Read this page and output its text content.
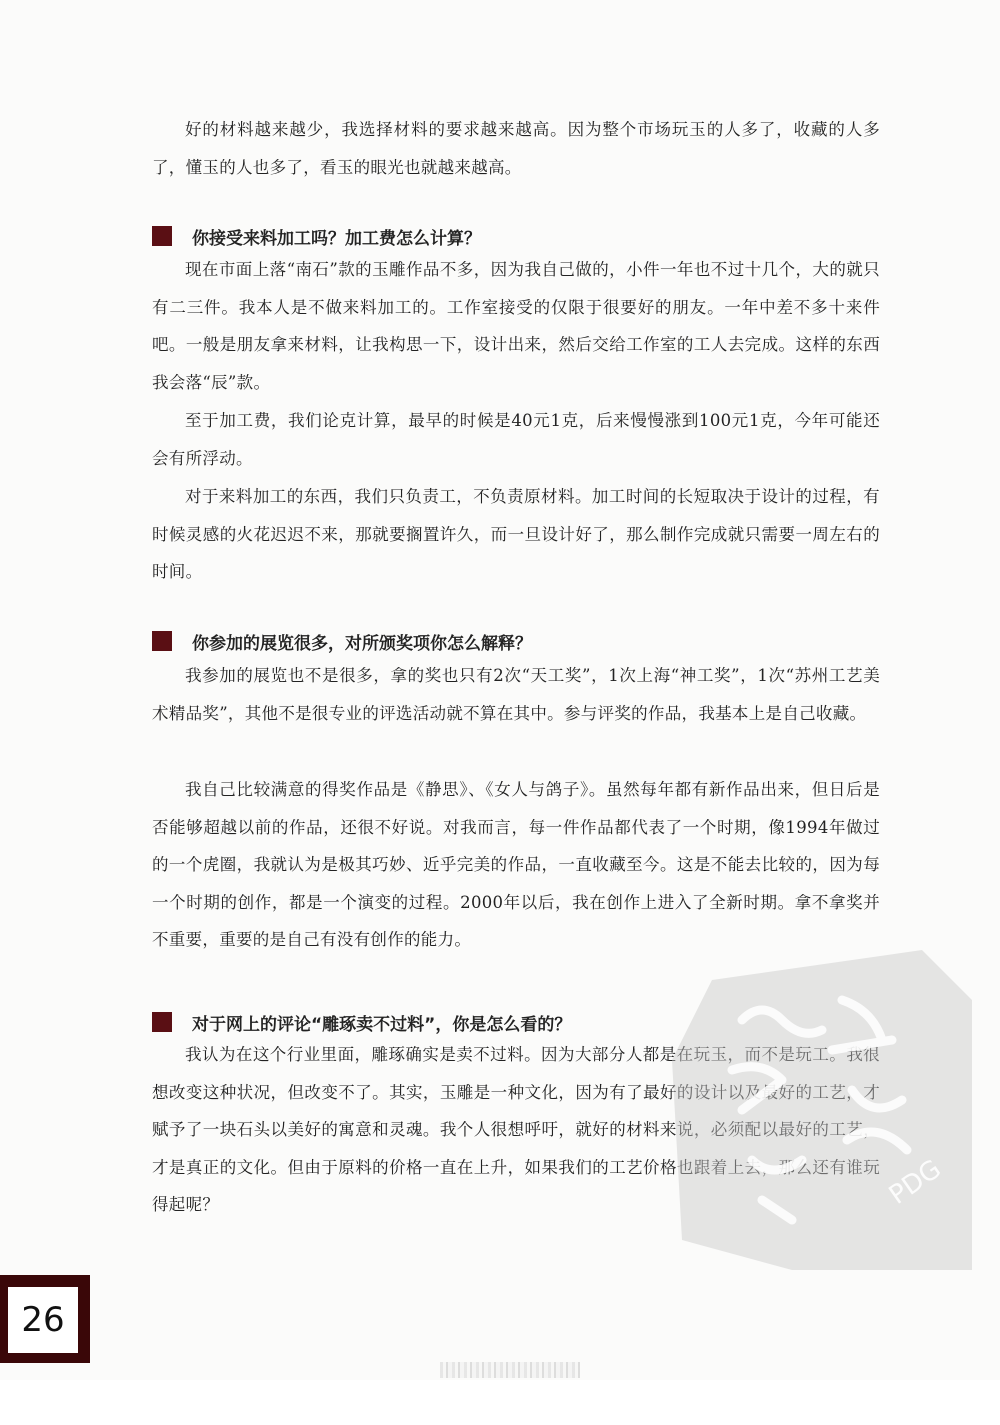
好的材料越来越少，我选择材料的要求越来越高。因为整个市场玩玉的人多了，收藏的人多了，懂玉的人也多了，看玉的眼光也就越来越高。

你接受来料加工吗？加工费怎么计算？

现在市面上落“南石”款的玉雕作品不多，因为我自己做的，小件一年也不过十几个，大的就只有二三件。我本人是不做来料加工的。工作室接受的仅限于很要好的朋友。一年中差不多十来件吧。一般是朋友拿来材料，让我构思一下，设计出来，然后交给工作室的工人去完成。这样的东西我会落“辰”款。

至于加工费，我们论克计算，最早的时候是40元1克，后来慢慢涨到100元1克，今年可能还会有所浮动。

对于来料加工的东西，我们只负责工，不负责原材料。加工时间的长短取决于设计的过程，有时候灵感的火花迟迟不来，那就要搁置许久，而一旦设计好了，那么制作完成就只需要一周左右的时间。

你参加的展览很多，对所颁奖项你怎么解释？

我参加的展览也不是很多，拿的奖也只有2次“天工奖”，1次上海“神工奖”，1次“苏州工艺美术精品奖”，其他不是很专业的评选活动就不算在其中。参与评奖的作品，我基本上是自己收藏。

我自己比较满意的得奖作品是《静思》、《女人与鸽子》。虽然每年都有新作品出来，但日后是否能够超越以前的作品，还很不好说。对我而言，每一件作品都代表了一个时期，像1994年做过的一个虎圈，我就认为是极其巧妙、近乎完美的作品，一直收藏至今。这是不能去比较的，因为每一个时期的创作，都是一个演变的过程。2000年以后，我在创作上进入了全新时期。拿不拿奖并不重要，重要的是自己有没有创作的能力。

对于网上的评论“雕琢卖不过料”，你是怎么看的？

我认为在这个行业里面，雕琢确实是卖不过料。因为大部分人都是在玩玉，而不是玩工。我很想改变这种状况，但改变不了。其实，玉雕是一种文化，因为有了最好的设计以及最好的工艺，才赋予了一块石头以美好的寓意和灵魂。我个人很想呼吁，就好的材料来说，必须配以最好的工艺，才是真正的文化。但由于原料的价格一直在上升，如果我们的工艺价格也跟着上去，那么还有谁玩得起呢？	PDG
26
